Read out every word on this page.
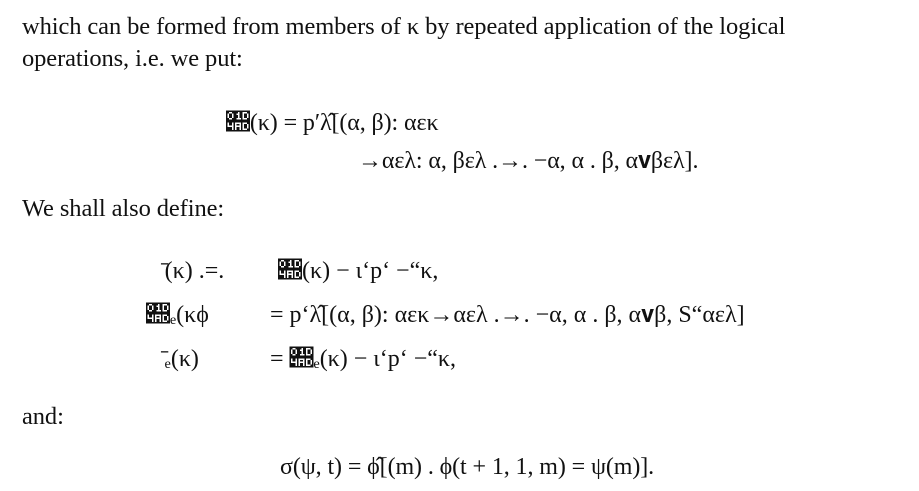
which can be formed from members of κ by repeated application of the logical
operations, i.e. we put:
𝒭(κ) = p′λ̂[(α, β): αεκ
→αελ: α, βελ .→. −α, α . β, α𝐯βελ].
We shall also define:
𝒭̄(κ) .=. 𝒭(κ) − ι‘p‘ −“κ,
𝒭ₑ(κϕ	= p‘λ̂[(α, β): αεκ→αελ .→. −α, α . β, α𝐯β, S“αελ]
𝒭̄ₑ(κ)	= 𝒭ₑ(κ) − ι‘p‘ −“κ,
and:
σ(ψ, t) = ϕ̂[(m) . ϕ(t + 1, 1, m) = ψ(m)].
